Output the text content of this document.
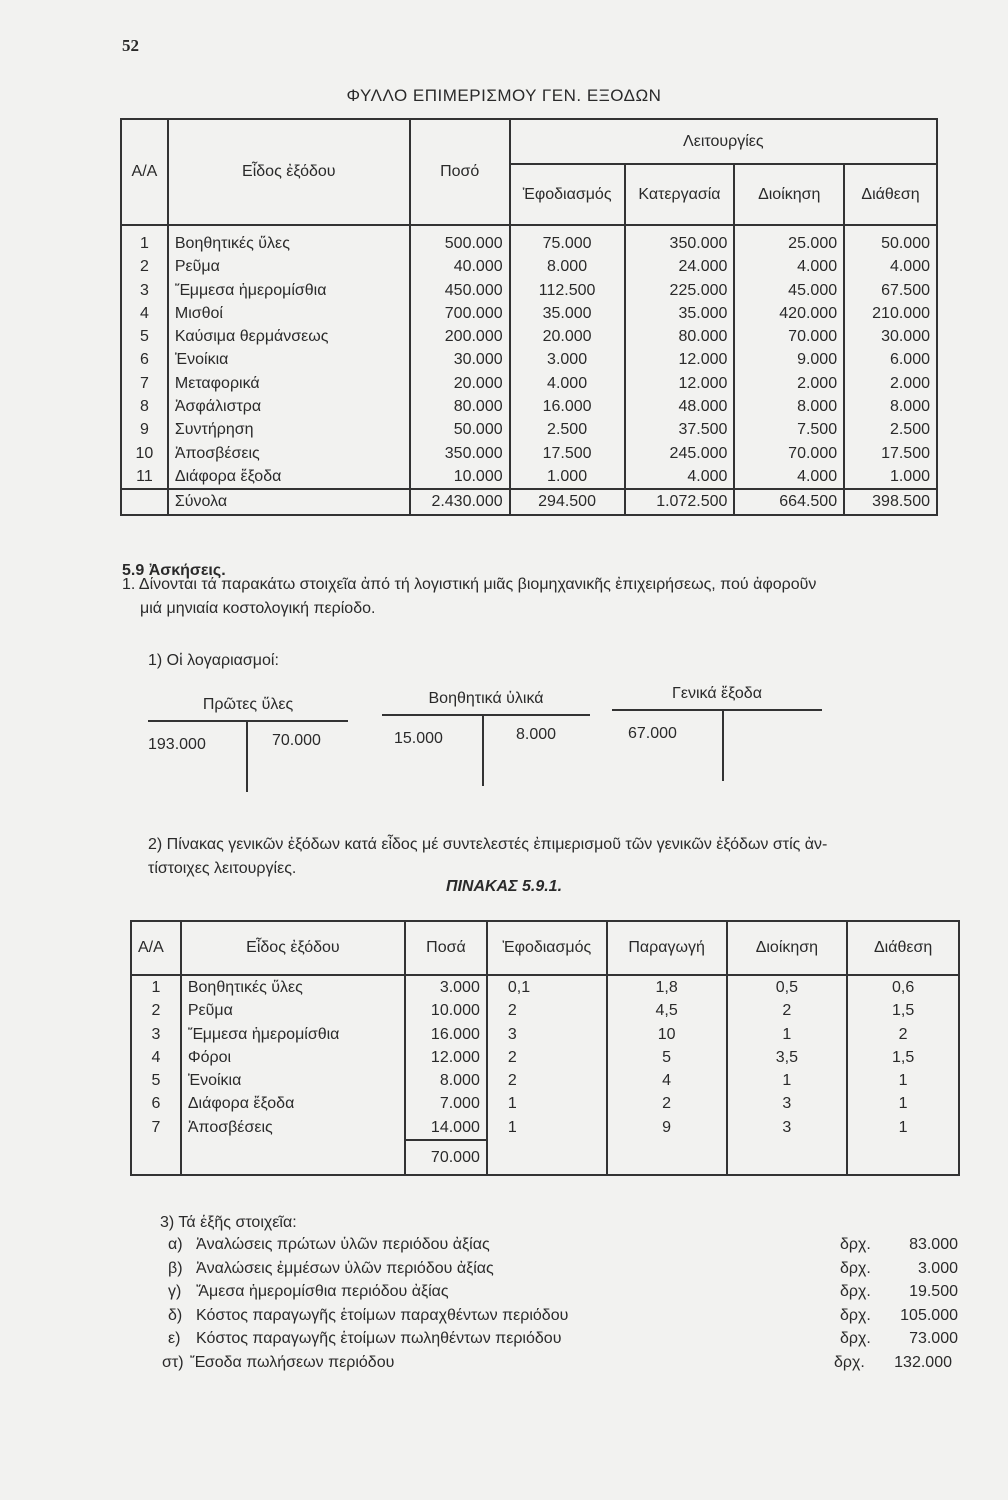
52
ΦΥΛΛΟ ΕΠΙΜΕΡΙΣΜΟΥ ΓΕΝ. ΕΞΟΔΩΝ
Α/Α	Εἶδος ἐξόδου	Ποσό	Λειτουργίες			
			Ἐφοδιασμός	Κατεργασία	Διοίκηση	Διάθεση
1	Βοηθητικές ὕλες	500.000	75.000	350.000	25.000	50.000
2	Ρεῦμα	40.000	8.000	24.000	4.000	4.000
3	Ἔμμεσα ἡμερομίσθια	450.000	112.500	225.000	45.000	67.500
4	Μισθοί	700.000	35.000	35.000	420.000	210.000
5	Καύσιμα θερμάνσεως	200.000	20.000	80.000	70.000	30.000
6	Ἐνοίκια	30.000	3.000	12.000	9.000	6.000
7	Μεταφορικά	20.000	4.000	12.000	2.000	2.000
8	Ἀσφάλιστρα	80.000	16.000	48.000	8.000	8.000
9	Συντήρηση	50.000	2.500	37.500	7.500	2.500
10	Ἀποσβέσεις	350.000	17.500	245.000	70.000	17.500
11	Διάφορα ἔξοδα	10.000	1.000	4.000	4.000	1.000
	Σύνολα	2.430.000	294.500	1.072.500	664.500	398.500
5.9 Ἀσκήσεις.
1. Δίνονται τά παρακάτω στοιχεῖα ἀπό τή λογιστική μιᾶς βιομηχανικῆς ἐπιχειρήσεως, πού ἀφοροῦν
μιά μηνιαία κοστολογική περίοδο.
1) Οἱ λογαριασμοί:
Πρῶτες ὕλες
193.000	70.000
Βοηθητικά ὑλικά
15.000	8.000
Γενικά ἔξοδα
67.000
2) Πίνακας γενικῶν ἐξόδων κατά εἶδος μέ συντελεστές ἐπιμερισμοῦ τῶν γενικῶν ἐξόδων στίς ἀν-
τίστοιχες λειτουργίες.
ΠΙΝΑΚΑΣ 5.9.1.
Α/Α	Εἶδος ἐξόδου	Ποσά	Ἐφοδιασμός	Παραγωγή	Διοίκηση	Διάθεση
1	Βοηθητικές ὕλες	3.000	0,1	1,8	0,5	0,6
2	Ρεῦμα	10.000	2	4,5	2	1,5
3	Ἔμμεσα ἡμερομίσθια	16.000	3	10	1	2
4	Φόροι	12.000	2	5	3,5	1,5
5	Ἐνοίκια	8.000	2	4	1	1
6	Διάφορα ἔξοδα	7.000	1	2	3	1
7	Ἀποσβέσεις	14.000	1	9	3	1
		70.000				
3) Τά ἑξῆς στοιχεῖα:
α) Ἀναλώσεις πρώτων ὑλῶν περιόδου ἀξίας	δρχ. 83.000
β) Ἀναλώσεις ἐμμέσων ὑλῶν περιόδου ἀξίας	δρχ.	3.000
γ) Ἄμεσα ἡμερομίσθια περιόδου ἀξίας	δρχ. 19.500
δ) Κόστος παραγωγῆς ἑτοίμων παραχθέντων περιόδου	δρχ. 105.000
ε) Κόστος παραγωγῆς ἑτοίμων πωληθέντων περιόδου	δρχ. 73.000
στ) Ἔσοδα πωλήσεων περιόδου	δρχ. 132.000
